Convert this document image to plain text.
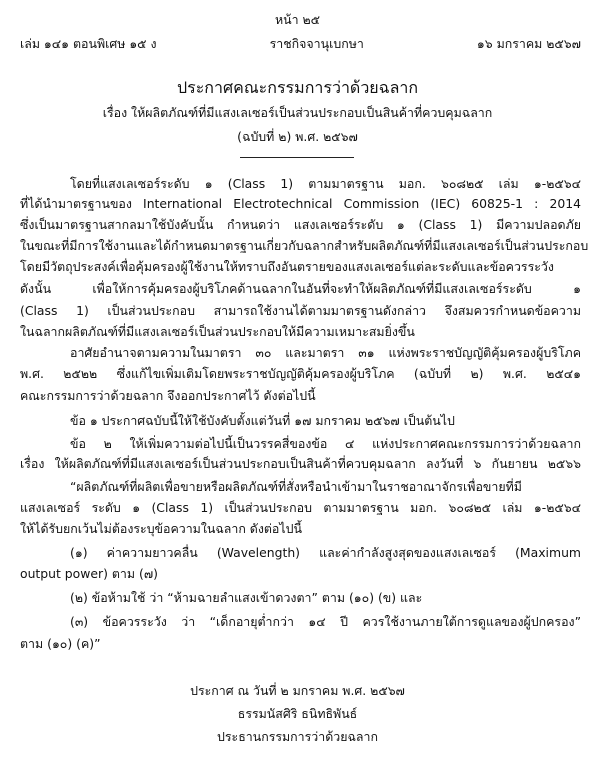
หน้า ๒๕
เล่ม ๑๔๑ ตอนพิเศษ ๑๕ ง	ราชกิจจานุเบกษา	๑๖ มกราคม ๒๕๖๗
ประกาศคณะกรรมการว่าด้วยฉลาก
เรื่อง ให้ผลิตภัณฑ์ที่มีแสงเลเซอร์เป็นส่วนประกอบเป็นสินค้าที่ควบคุมฉลาก
(ฉบับที่ ๒) พ.ศ. ๒๕๖๗
โดยที่แสงเลเซอร์ระดับ ๑ (Class 1) ตามมาตรฐาน มอก. ๖๐๘๒๕ เล่ม ๑-๒๕๖๔
ที่ได้นำมาตรฐานของ International Electrotechnical Commission (IEC) 60825-1 : 2014
ซึ่งเป็นมาตรฐานสากลมาใช้บังคับนั้น กำหนดว่า แสงเลเซอร์ระดับ ๑ (Class 1) มีความปลอดภัย
ในขณะที่มีการใช้งานและได้กำหนดมาตรฐานเกี่ยวกับฉลากสำหรับผลิตภัณฑ์ที่มีแสงเลเซอร์เป็นส่วนประกอบ
โดยมีวัตถุประสงค์เพื่อคุ้มครองผู้ใช้งานให้ทราบถึงอันตรายของแสงเลเซอร์แต่ละระดับและข้อควรระวัง
ดังนั้น เพื่อให้การคุ้มครองผู้บริโภคด้านฉลากในอันที่จะทำให้ผลิตภัณฑ์ที่มีแสงเลเซอร์ระดับ ๑
(Class 1) เป็นส่วนประกอบ สามารถใช้งานได้ตามมาตรฐานดังกล่าว จึงสมควรกำหนดข้อความ
ในฉลากผลิตภัณฑ์ที่มีแสงเลเซอร์เป็นส่วนประกอบให้มีความเหมาะสมยิ่งขึ้น
อาศัยอำนาจตามความในมาตรา ๓๐ และมาตรา ๓๑ แห่งพระราชบัญญัติคุ้มครองผู้บริโภค
พ.ศ. ๒๕๒๒ ซึ่งแก้ไขเพิ่มเติมโดยพระราชบัญญัติคุ้มครองผู้บริโภค (ฉบับที่ ๒) พ.ศ. ๒๕๔๑
คณะกรรมการว่าด้วยฉลาก จึงออกประกาศไว้ ดังต่อไปนี้
ข้อ ๑ ประกาศฉบับนี้ให้ใช้บังคับตั้งแต่วันที่ ๑๗ มกราคม ๒๕๖๗ เป็นต้นไป
ข้อ ๒ ให้เพิ่มความต่อไปนี้เป็นวรรคสี่ของข้อ ๔ แห่งประกาศคณะกรรมการว่าด้วยฉลาก
เรื่อง ให้ผลิตภัณฑ์ที่มีแสงเลเซอร์เป็นส่วนประกอบเป็นสินค้าที่ควบคุมฉลาก ลงวันที่ ๖ กันยายน ๒๕๖๖
“ผลิตภัณฑ์ที่ผลิตเพื่อขายหรือผลิตภัณฑ์ที่สั่งหรือนำเข้ามาในราชอาณาจักรเพื่อขายที่มี
แสงเลเซอร์ ระดับ ๑ (Class 1) เป็นส่วนประกอบ ตามมาตรฐาน มอก. ๖๐๘๒๕ เล่ม ๑-๒๕๖๔
ให้ได้รับยกเว้นไม่ต้องระบุข้อความในฉลาก ดังต่อไปนี้
(๑) ค่าความยาวคลื่น (Wavelength) และค่ากำลังสูงสุดของแสงเลเซอร์ (Maximum
output power) ตาม (๗)
(๒) ข้อห้ามใช้ ว่า “ห้ามฉายลำแสงเข้าดวงตา” ตาม (๑๐) (ข) และ
(๓) ข้อควรระวัง ว่า “เด็กอายุต่ำกว่า ๑๔ ปี ควรใช้งานภายใต้การดูแลของผู้ปกครอง”
ตาม (๑๐) (ค)”
ประกาศ ณ วันที่ ๒ มกราคม พ.ศ. ๒๕๖๗
ธรรมนัสศิริ ธนิทธิพันธ์
ประธานกรรมการว่าด้วยฉลาก
